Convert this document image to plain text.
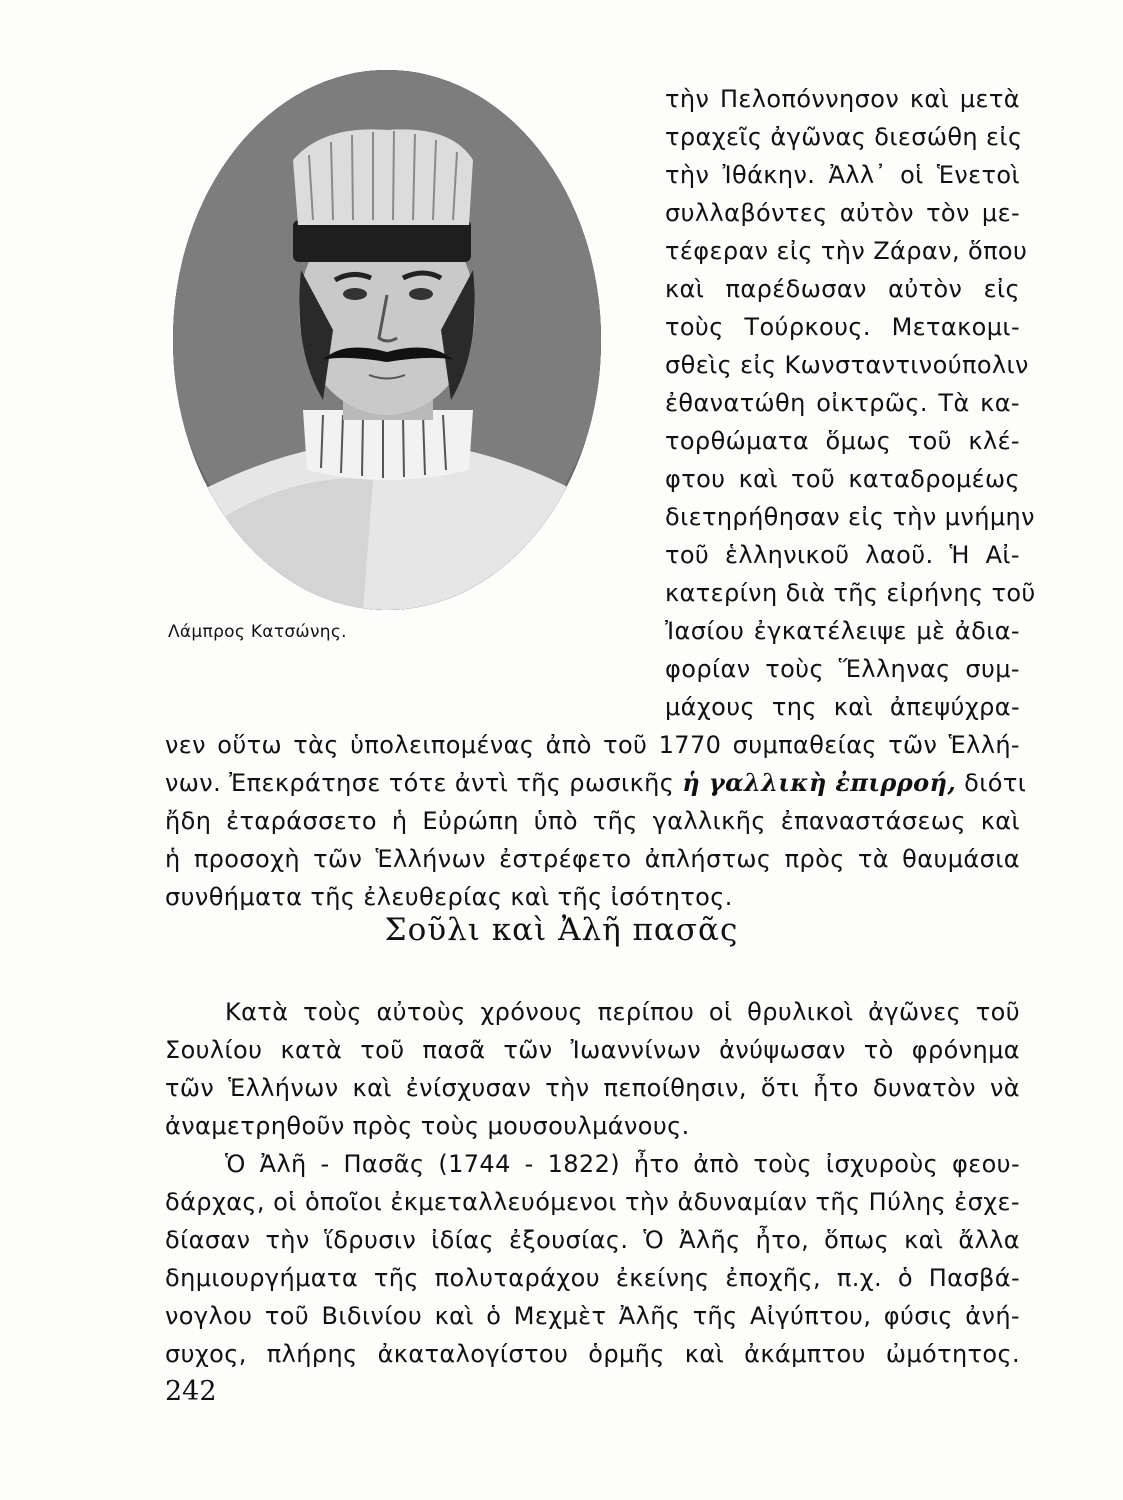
Λάμπρος Κατσώνης.
τὴν Πελοπόννησον καὶ μετὰ
τραχεῖς ἀγῶνας διεσώθη εἰς
τὴν Ἰθάκην. Ἀλλ᾽ οἱ Ἑνετοὶ
συλλαβόντες αὐτὸν τὸν με-
τέφεραν εἰς τὴν Ζάραν, ὅπου
καὶ παρέδωσαν αὐτὸν εἰς
τοὺς Τούρκους. Μετακομι-
σθεὶς εἰς Κωνσταντινούπολιν
ἐθανατώθη οἰκτρῶς. Τὰ κα-
τορθώματα ὅμως τοῦ κλέ-
φτου καὶ τοῦ καταδρομέως
διετηρήθησαν εἰς τὴν μνήμην
τοῦ ἑλληνικοῦ λαοῦ. Ἡ Αἰ-
κατερίνη διὰ τῆς εἰρήνης τοῦ
Ἰασίου ἐγκατέλειψε μὲ ἀδια-
φορίαν τοὺς Ἕλληνας συμ-
μάχους της καὶ ἀπεψύχρα-
νεν οὕτω τὰς ὑπολειπομένας ἀπὸ τοῦ 1770 συμπαθείας τῶν Ἑλλή-
νων. Ἐπεκράτησε τότε ἀντὶ τῆς ρωσικῆς ἡ γαλλικὴ ἐπιρροή, διότι
ἤδη ἐταράσσετο ἡ Εὐρώπη ὑπὸ τῆς γαλλικῆς ἐπαναστάσεως καὶ
ἡ προσοχὴ τῶν Ἑλλήνων ἐστρέφετο ἀπλήστως πρὸς τὰ θαυμάσια
συνθήματα τῆς ἐλευθερίας καὶ τῆς ἰσότητος.
Σοῦλι καὶ Ἀλῆ πασᾶς
Κατὰ τοὺς αὐτοὺς χρόνους περίπου οἱ θρυλικοὶ ἀγῶνες τοῦ
Σουλίου κατὰ τοῦ πασᾶ τῶν Ἰωαννίνων ἀνύψωσαν τὸ φρόνημα
τῶν Ἑλλήνων καὶ ἐνίσχυσαν τὴν πεποίθησιν, ὅτι ἦτο δυνατὸν νὰ
ἀναμετρηθοῦν πρὸς τοὺς μουσουλμάνους.
Ὁ Ἀλῆ - Πασᾶς (1744 - 1822) ἦτο ἀπὸ τοὺς ἰσχυροὺς φεου-
δάρχας, οἱ ὁποῖοι ἐκμεταλλευόμενοι τὴν ἀδυναμίαν τῆς Πύλης ἐσχε-
δίασαν τὴν ἵδρυσιν ἰδίας ἐξουσίας. Ὁ Ἀλῆς ἦτο, ὅπως καὶ ἄλλα
δημιουργήματα τῆς πολυταράχου ἐκείνης ἐποχῆς, π.χ. ὁ Πασβά-
νογλου τοῦ Βιδινίου καὶ ὁ Μεχμὲτ Ἀλῆς τῆς Αἰγύπτου, φύσις ἀνή-
συχος, πλήρης ἀκαταλογίστου ὁρμῆς καὶ ἀκάμπτου ὠμότητος.
242
